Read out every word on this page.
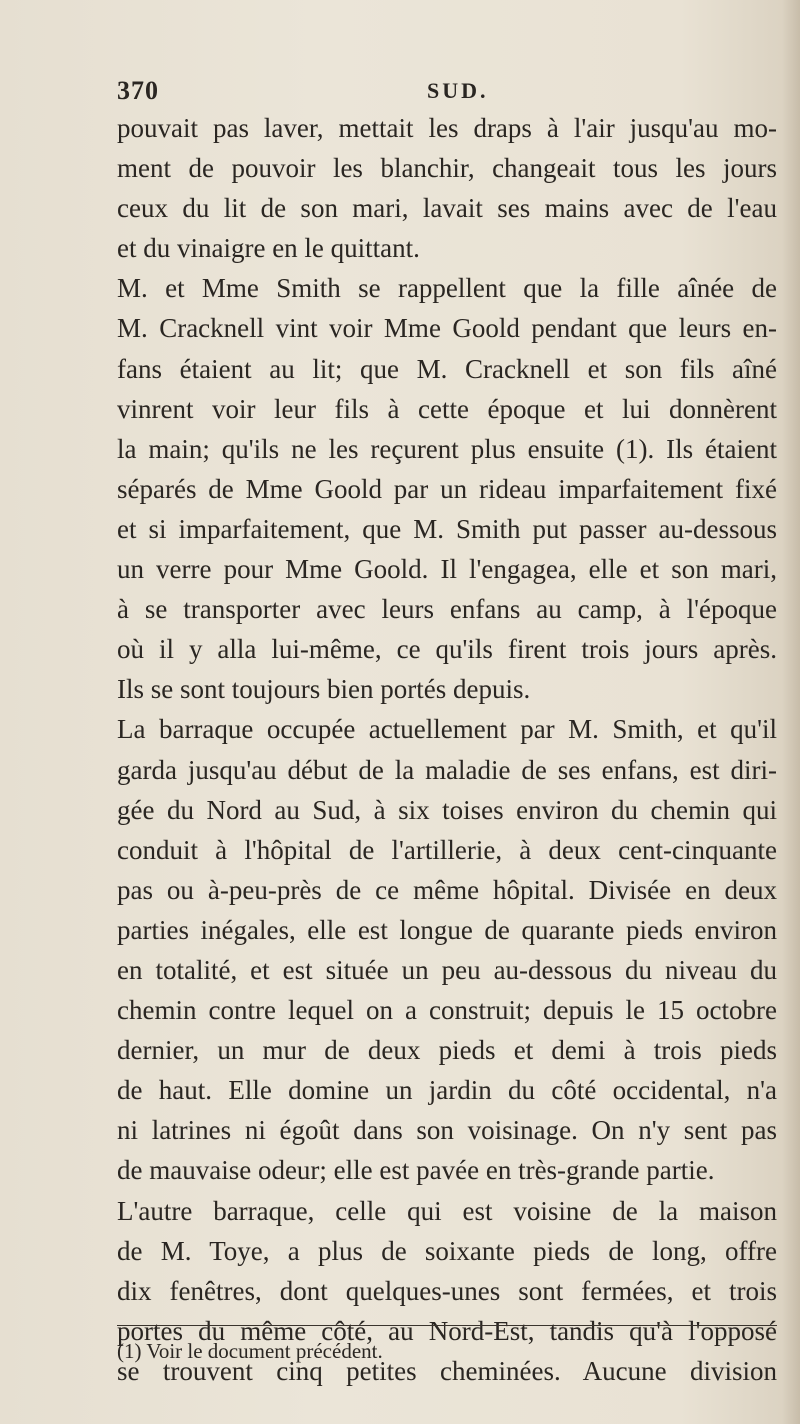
370	SUD.
pouvait pas laver, mettait les draps à l'air jusqu'au mo-
ment de pouvoir les blanchir, changeait tous les jours
ceux du lit de son mari, lavait ses mains avec de l'eau
et du vinaigre en le quittant.
M. et Mme Smith se rappellent que la fille aînée de
M. Cracknell vint voir Mme Goold pendant que leurs en-
fans étaient au lit; que M. Cracknell et son fils aîné
vinrent voir leur fils à cette époque et lui donnèrent
la main; qu'ils ne les reçurent plus ensuite (1). Ils étaient
séparés de Mme Goold par un rideau imparfaitement fixé
et si imparfaitement, que M. Smith put passer au-dessous
un verre pour Mme Goold. Il l'engagea, elle et son mari,
à se transporter avec leurs enfans au camp, à l'époque
où il y alla lui-même, ce qu'ils firent trois jours après.
Ils se sont toujours bien portés depuis.
La barraque occupée actuellement par M. Smith, et qu'il
garda jusqu'au début de la maladie de ses enfans, est diri-
gée du Nord au Sud, à six toises environ du chemin qui
conduit à l'hôpital de l'artillerie, à deux cent-cinquante
pas ou à-peu-près de ce même hôpital. Divisée en deux
parties inégales, elle est longue de quarante pieds environ
en totalité, et est située un peu au-dessous du niveau du
chemin contre lequel on a construit; depuis le 15 octobre
dernier, un mur de deux pieds et demi à trois pieds
de haut. Elle domine un jardin du côté occidental, n'a
ni latrines ni égoût dans son voisinage. On n'y sent pas
de mauvaise odeur; elle est pavée en très-grande partie.
L'autre barraque, celle qui est voisine de la maison
de M. Toye, a plus de soixante pieds de long, offre
dix fenêtres, dont quelques-unes sont fermées, et trois
portes du même côté, au Nord-Est, tandis qu'à l'opposé
se trouvent cinq petites cheminées. Aucune division
(1) Voir le document précédent.
